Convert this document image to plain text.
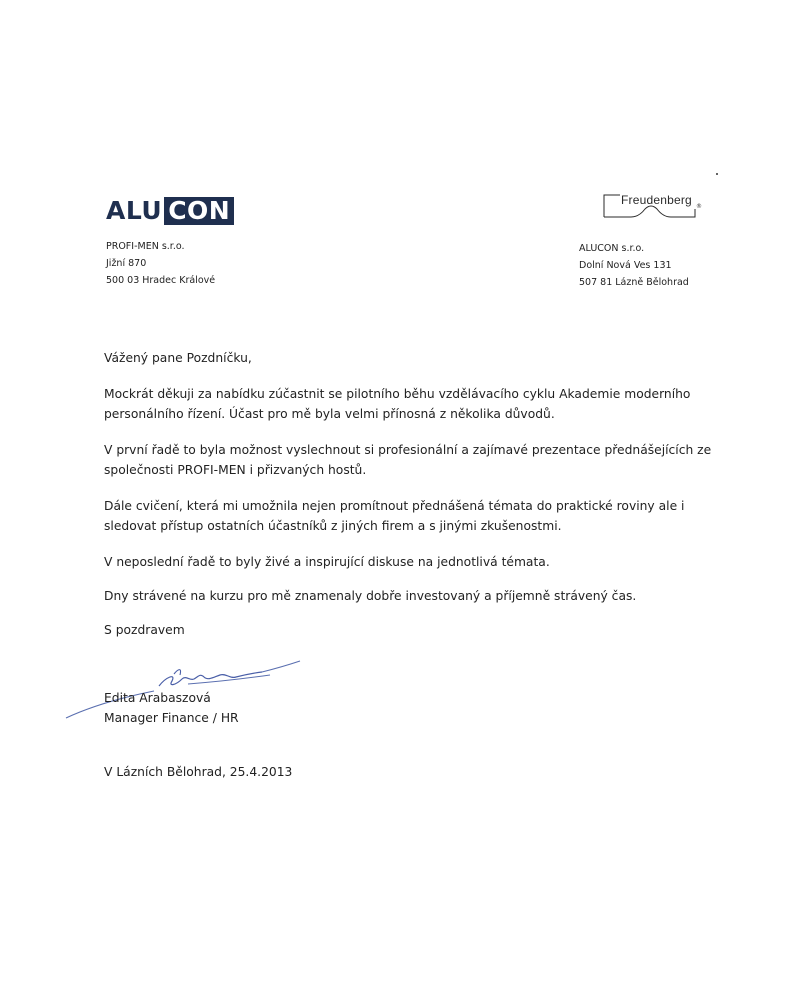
ALU CON	Freudenberg ®
PROFI-MEN s.r.o.
Jižní 870
500 03 Hradec Králové
ALUCON s.r.o.
Dolní Nová Ves 131
507 81 Lázně Bělohrad
Vážený pane Pozdníčku,
Mockrát děkuji za nabídku zúčastnit se pilotního běhu vzdělávacího cyklu Akademie moderního personálního řízení. Účast pro mě byla velmi přínosná z několika důvodů.
V první řadě to byla možnost vyslechnout si profesionální a zajímavé prezentace přednášejících ze společnosti PROFI-MEN i přizvaných hostů.
Dále cvičení, která mi umožnila nejen promítnout přednášená témata do praktické roviny ale i sledovat přístup ostatních účastníků z jiných firem a s jinými zkušenostmi.
V neposlední řadě to byly živé a inspirující diskuse na jednotlivá témata.
Dny strávené na kurzu pro mě znamenaly dobře investovaný a příjemně strávený čas.
S pozdravem
Edita Arabaszová
Manager Finance / HR
V Lázních Bělohrad, 25.4.2013
